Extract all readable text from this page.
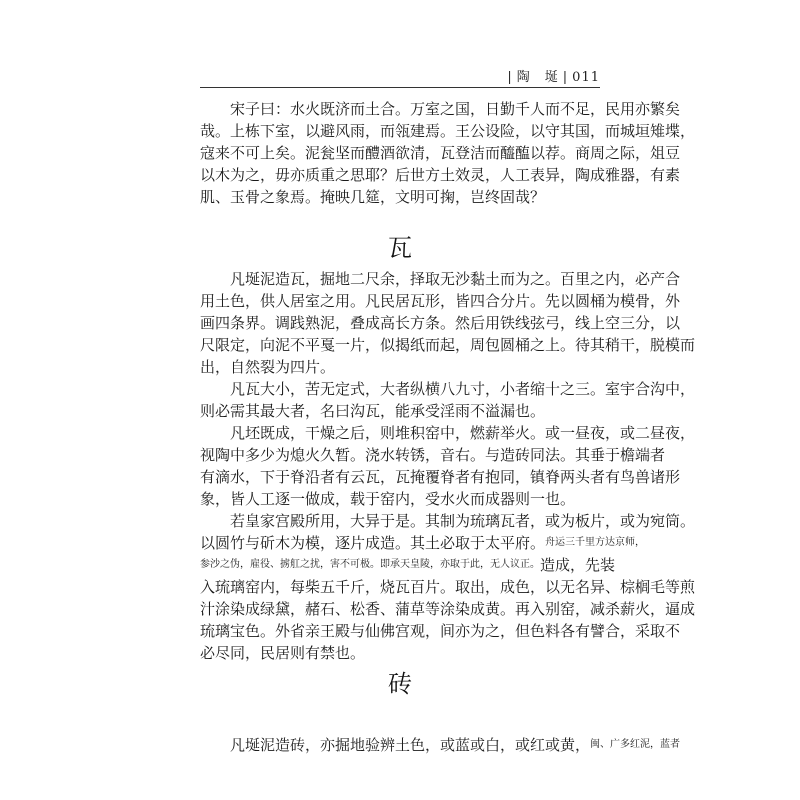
| 陶　埏 | 011
宋子曰：水火既济而土合。万室之国，日勤千人而不足，民用亦繁矣
哉。上栋下室，以避风雨，而瓴建焉。王公设险，以守其国，而城垣雉堞，
寇来不可上矣。泥瓮坚而醴酒欲清，瓦登洁而醯醢以荐。商周之际，俎豆
以木为之，毋亦质重之思耶？后世方土效灵，人工表异，陶成雅器，有素
肌、玉骨之象焉。掩映几筵，文明可掬，岂终固哉？
瓦
凡埏泥造瓦，掘地二尺余，择取无沙黏土而为之。百里之内，必产合
用土色，供人居室之用。凡民居瓦形，皆四合分片。先以圆桶为模骨，外
画四条界。调践熟泥，叠成高长方条。然后用铁线弦弓，线上空三分，以
尺限定，向泥不平戛一片，似揭纸而起，周包圆桶之上。待其稍干，脱模而
出，自然裂为四片。
凡瓦大小，苦无定式，大者纵横八九寸，小者缩十之三。室宇合沟中，
则必需其最大者，名曰沟瓦，能承受淫雨不溢漏也。
凡坯既成，干燥之后，则堆积窑中，燃薪举火。或一昼夜，或二昼夜，
视陶中多少为熄火久暂。浇水转锈，音右。与造砖同法。其垂于檐端者
有滴水，下于脊沿者有云瓦，瓦掩覆脊者有抱同，镇脊两头者有鸟兽诸形
象，皆人工逐一做成，载于窑内，受水火而成器则一也。
若皇家宫殿所用，大异于是。其制为琉璃瓦者，或为板片，或为宛筒。
以圆竹与斫木为模，逐片成造。其土必取于太平府。 舟运三千里方达京师，
参沙之伪，雇役、掳舡之扰，害不可极。即承天皇陵，亦取于此，无人议正。 造成，先装
入琉璃窑内，每柴五千斤，烧瓦百片。取出，成色，以无名异、棕榈毛等煎
汁涂染成绿黛，赭石、松香、蒲草等涂染成黄。再入别窑，减杀薪火，逼成
琉璃宝色。外省亲王殿与仙佛宫观，间亦为之，但色料各有譬合，采取不
必尽同，民居则有禁也。
砖
凡埏泥造砖，亦掘地验辨土色，或蓝或白，或红或黄， 闽、广多红泥，蓝者
